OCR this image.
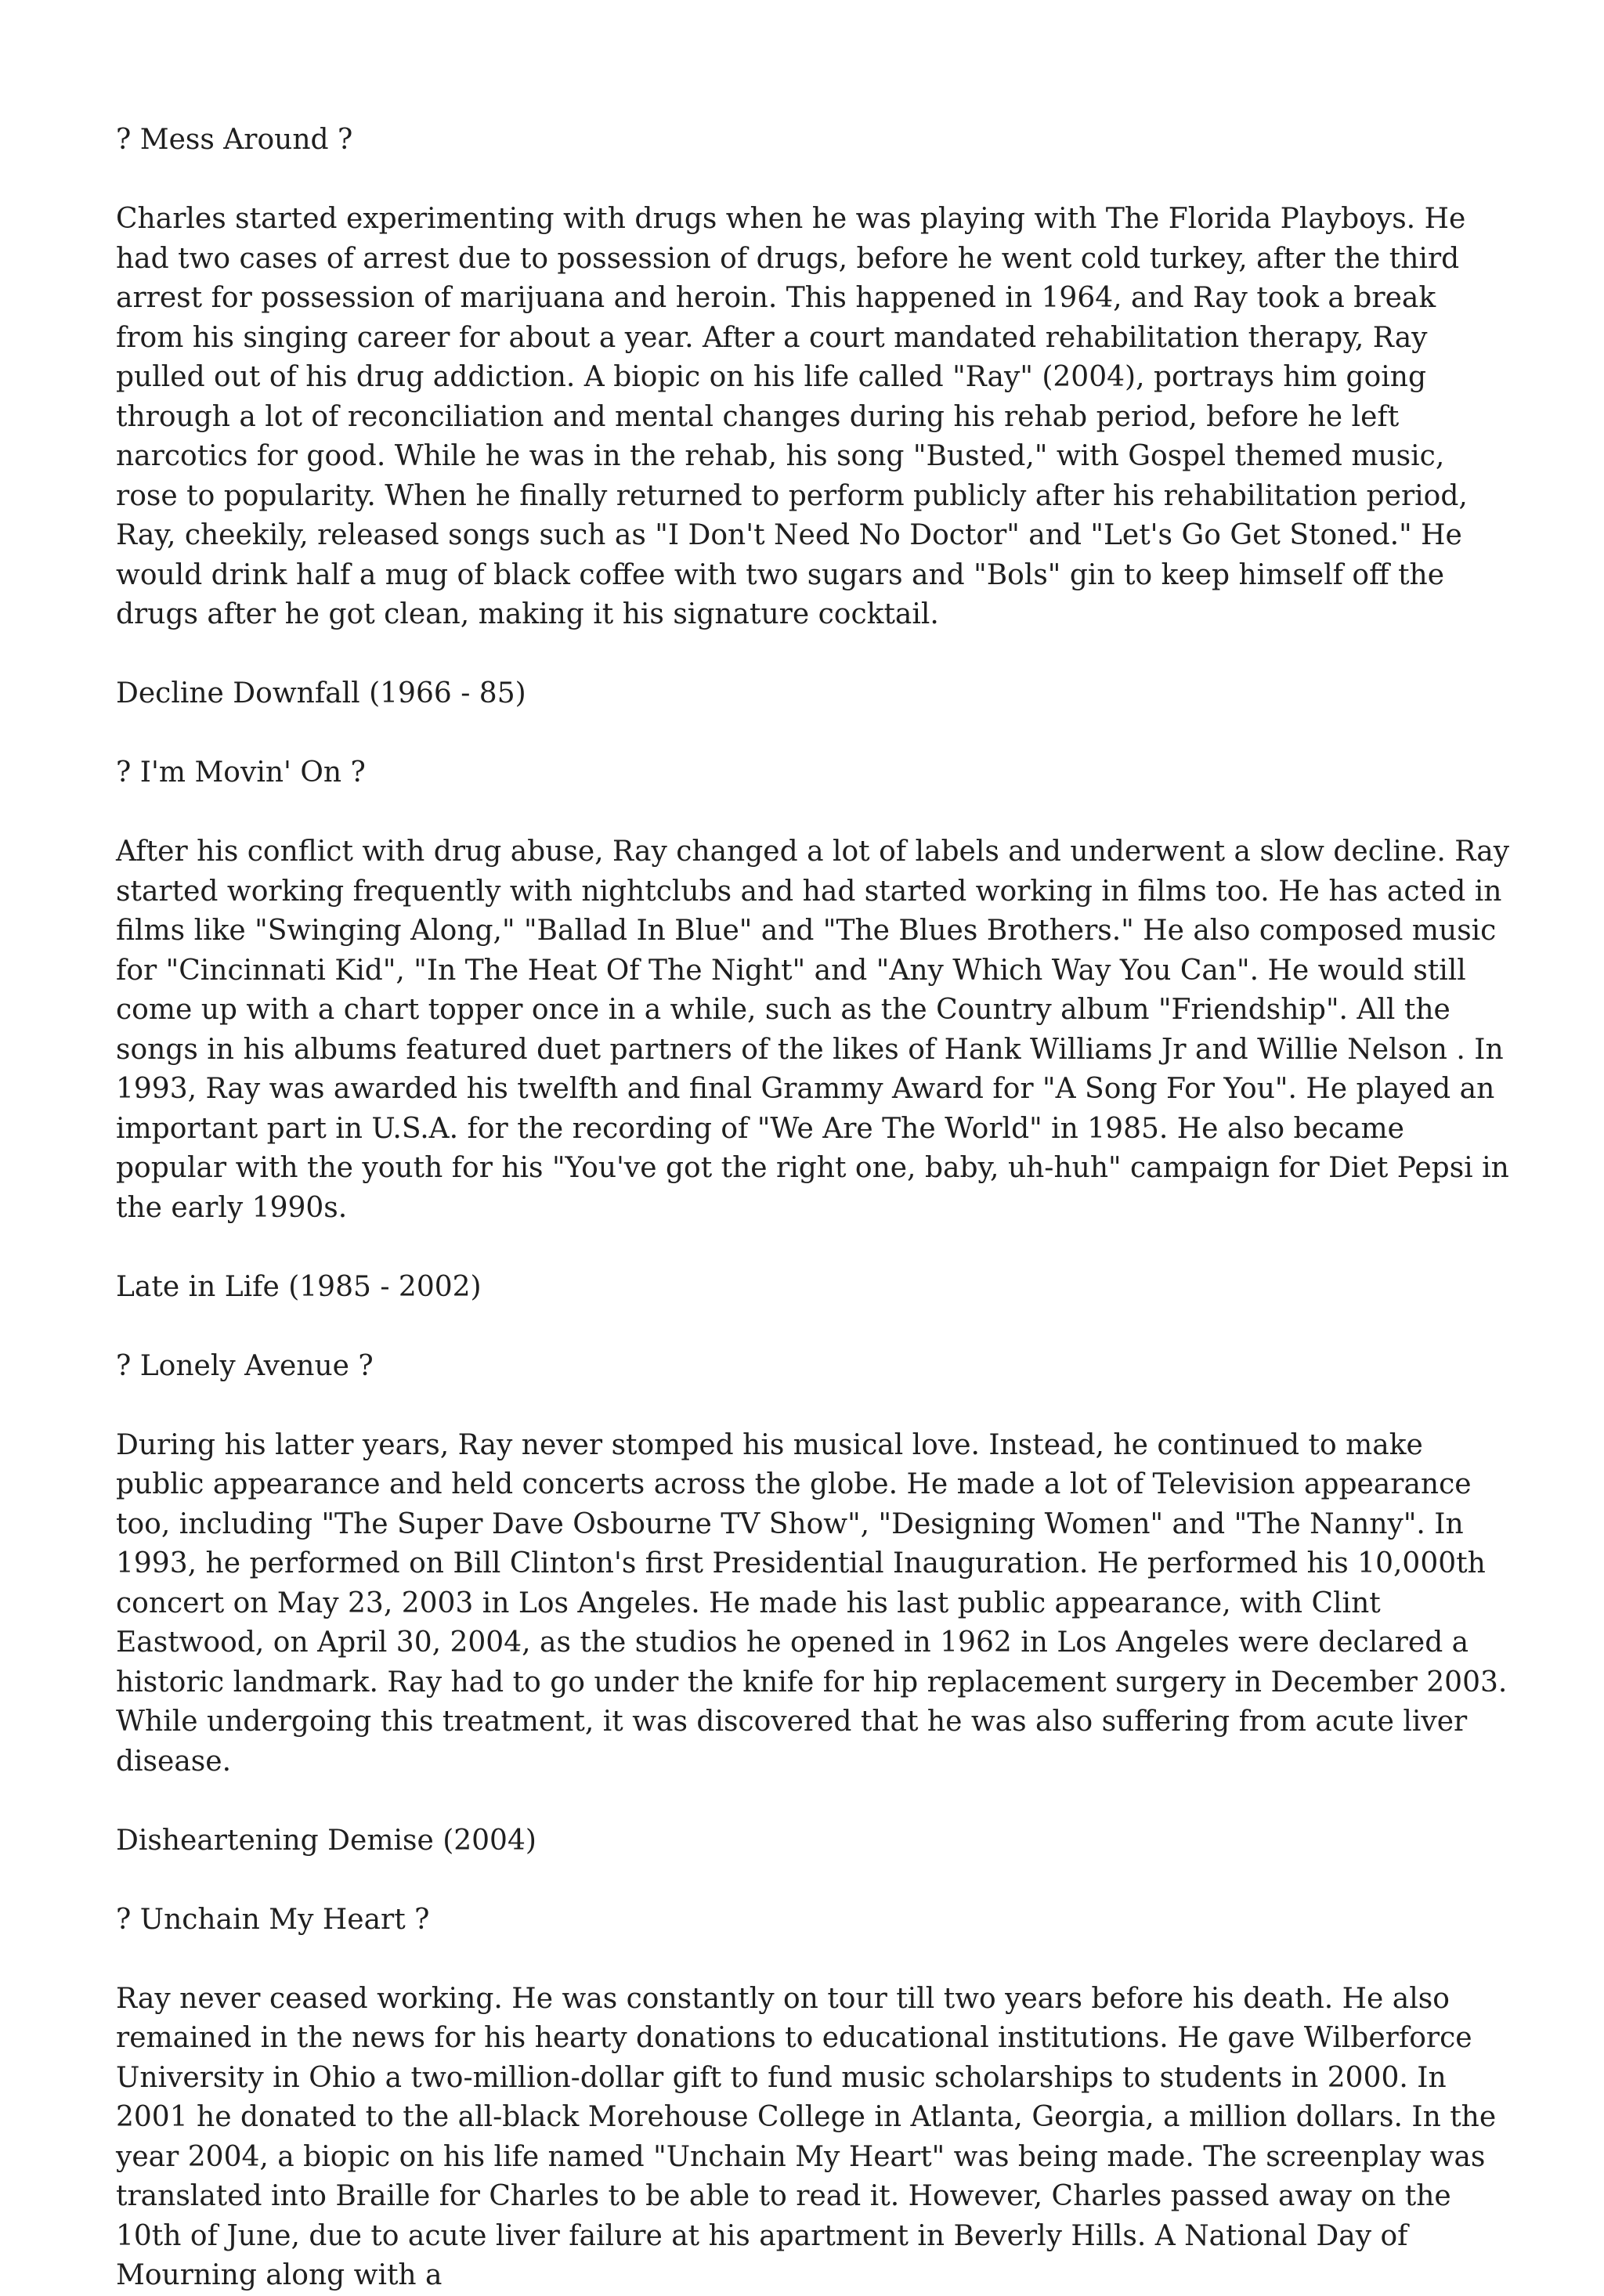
? Mess Around ?

Charles started experimenting with drugs when he was playing with The Florida Playboys. He had two cases of arrest due to possession of drugs, before he went cold turkey, after the third arrest for possession of marijuana and heroin. This happened in 1964, and Ray took a break from his singing career for about a year. After a court mandated rehabilitation therapy, Ray pulled out of his drug addiction. A biopic on his life called "Ray" (2004), portrays him going through a lot of reconciliation and mental changes during his rehab period, before he left narcotics for good. While he was in the rehab, his song "Busted," with Gospel themed music, rose to popularity. When he finally returned to perform publicly after his rehabilitation period, Ray, cheekily, released songs such as "I Don't Need No Doctor" and "Let's Go Get Stoned." He would drink half a mug of black coffee with two sugars and "Bols" gin to keep himself off the drugs after he got clean, making it his signature cocktail.

Decline Downfall (1966 - 85)

? I'm Movin' On ?

After his conflict with drug abuse, Ray changed a lot of labels and underwent a slow decline. Ray started working frequently with nightclubs and had started working in films too. He has acted in films like "Swinging Along," "Ballad In Blue" and "The Blues Brothers." He also composed music for "Cincinnati Kid", "In The Heat Of The Night" and "Any Which Way You Can". He would still come up with a chart topper once in a while, such as the Country album "Friendship". All the songs in his albums featured duet partners of the likes of Hank Williams Jr and Willie Nelson . In 1993, Ray was awarded his twelfth and final Grammy Award for "A Song For You". He played an important part in U.S.A. for the recording of "We Are The World" in 1985. He also became popular with the youth for his "You've got the right one, baby, uh-huh" campaign for Diet Pepsi in the early 1990s.

Late in Life (1985 - 2002)

? Lonely Avenue ?

During his latter years, Ray never stomped his musical love. Instead, he continued to make public appearance and held concerts across the globe. He made a lot of Television appearance too, including "The Super Dave Osbourne TV Show", "Designing Women" and "The Nanny". In 1993, he performed on Bill Clinton's first Presidential Inauguration. He performed his 10,000th concert on May 23, 2003 in Los Angeles. He made his last public appearance, with Clint Eastwood, on April 30, 2004, as the studios he opened in 1962 in Los Angeles were declared a historic landmark. Ray had to go under the knife for hip replacement surgery in December 2003. While undergoing this treatment, it was discovered that he was also suffering from acute liver disease.

Disheartening Demise (2004)

? Unchain My Heart ?

Ray never ceased working. He was constantly on tour till two years before his death. He also remained in the news for his hearty donations to educational institutions. He gave Wilberforce University in Ohio a two-million-dollar gift to fund music scholarships to students in 2000. In 2001 he donated to the all-black Morehouse College in Atlanta, Georgia, a million dollars. In the year 2004, a biopic on his life named "Unchain My Heart" was being made. The screenplay was translated into Braille for Charles to be able to read it. However, Charles passed away on the 10th of June, due to acute liver failure at his apartment in Beverly Hills. A National Day of Mourning along with a
